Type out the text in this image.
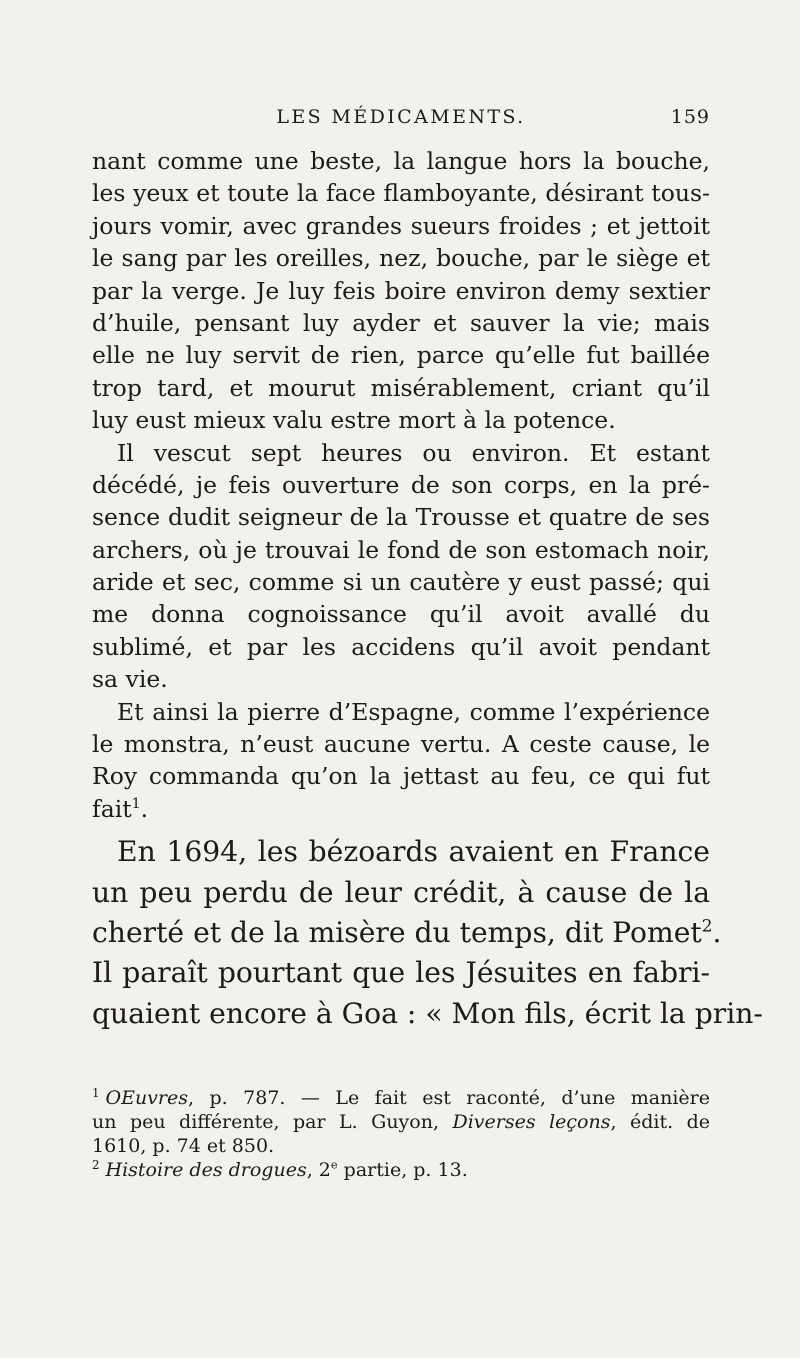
LES MÉDICAMENTS.	159
nant comme une beste, la langue hors la bouche,
les yeux et toute la face flamboyante, désirant tous-
jours vomir, avec grandes sueurs froides ; et jettoit
le sang par les oreilles, nez, bouche, par le siège et
par la verge. Je luy feis boire environ demy sextier
d’huile, pensant luy ayder et sauver la vie; mais
elle ne luy servit de rien, parce qu’elle fut baillée
trop tard, et mourut misérablement, criant qu’il
luy eust mieux valu estre mort à la potence.
Il vescut sept heures ou environ. Et estant
décédé, je feis ouverture de son corps, en la pré-
sence dudit seigneur de la Trousse et quatre de ses
archers, où je trouvai le fond de son estomach noir,
aride et sec, comme si un cautère y eust passé; qui
me donna cognoissance qu’il avoit avallé du
sublimé, et par les accidens qu’il avoit pendant
sa vie.
Et ainsi la pierre d’Espagne, comme l’expérience
le monstra, n’eust aucune vertu. A ceste cause, le
Roy commanda qu’on la jettast au feu, ce qui fut
fait$^1$.
En 1694, les bézoards avaient en France
un peu perdu de leur crédit, à cause de la
cherté et de la misère du temps, dit Pomet$^2$.
Il paraît pourtant que les Jésuites en fabri-
quaient encore à Goa : « Mon fils, écrit la prin-
$^1$ OEuvres, p. 787. — Le fait est raconté, d’une manière
un peu différente, par L. Guyon, Diverses leçons, édit. de
1610, p. 74 et 850.
$^2$ Histoire des drogues, 2e partie, p. 13.
